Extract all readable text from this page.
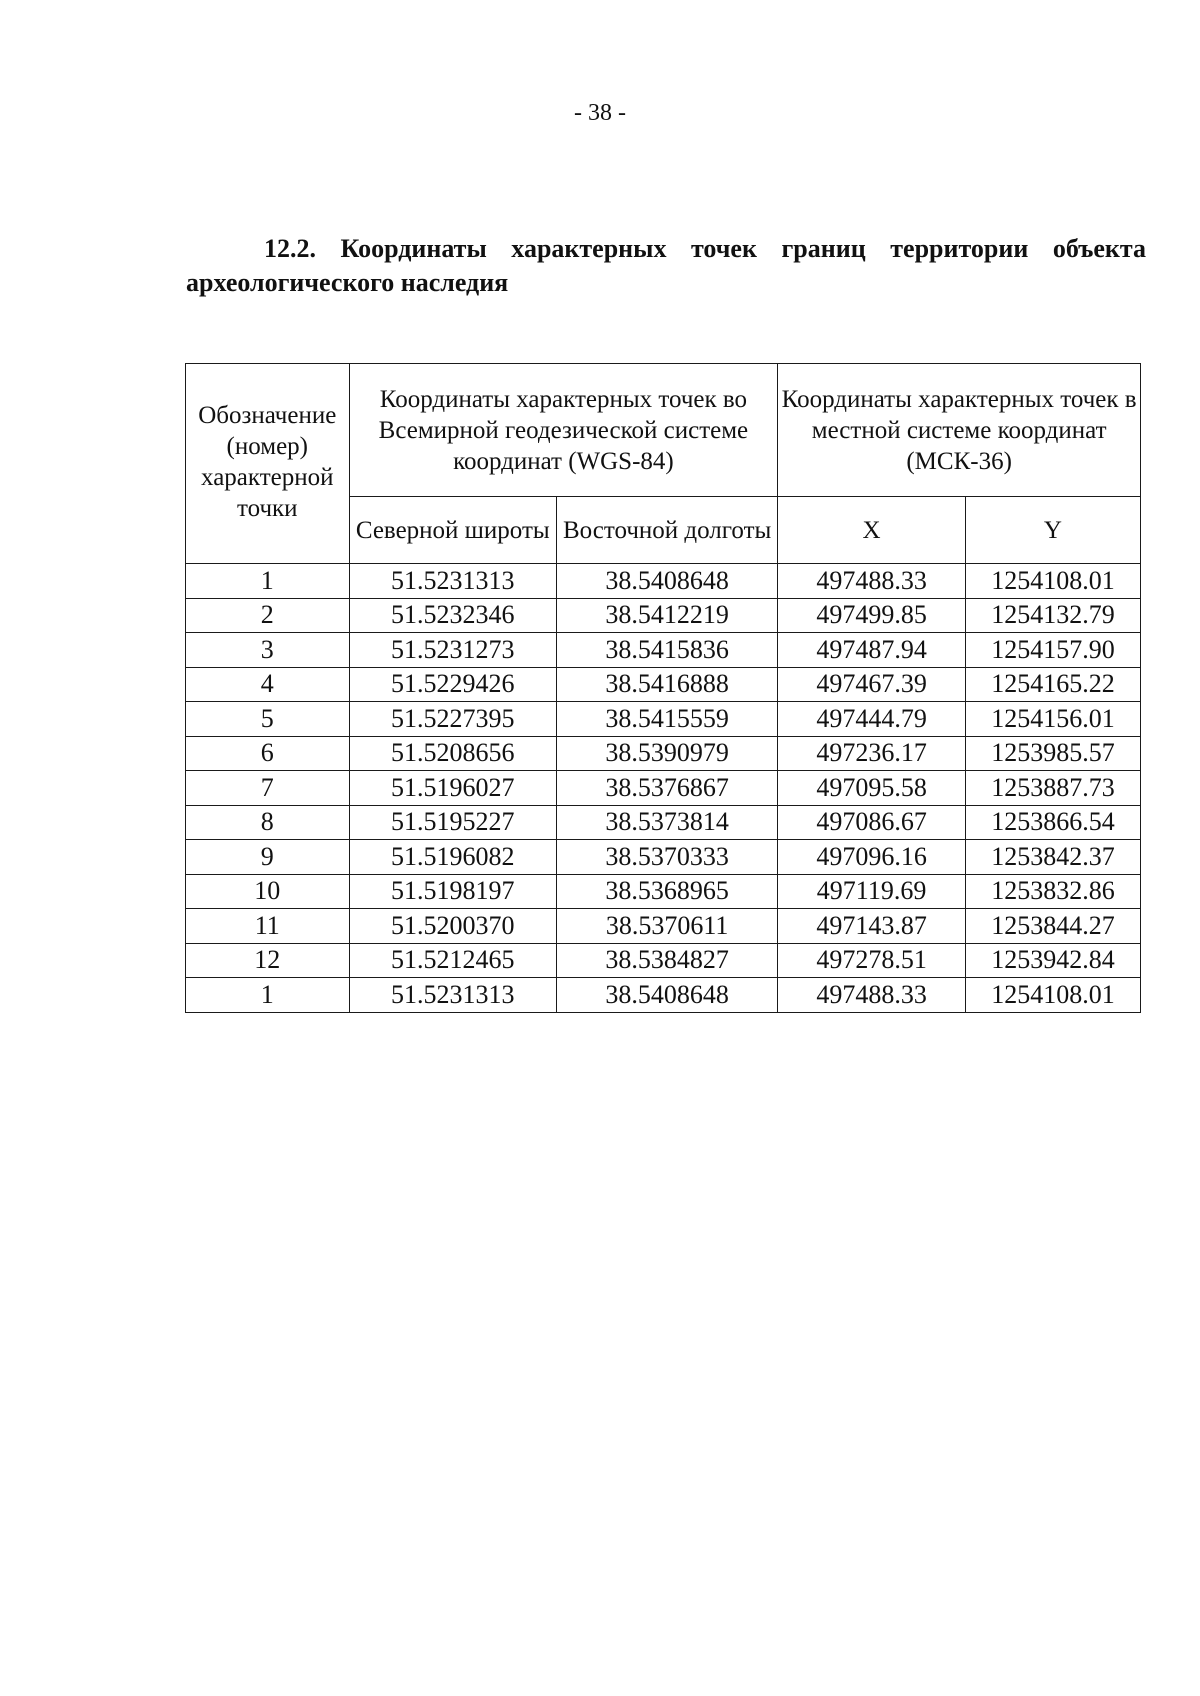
- 38 -
12.2. Координаты характерных точек границ территории объекта археологического наследия
Обозначение (номер) характерной точки	Координаты характерных точек во Всемирной геодезической системе координат (WGS-84)		Координаты характерных точек в местной системе координат (МСК-36)	
	Северной широты	Восточной долготы	X	Y
1	51.5231313	38.5408648	497488.33	1254108.01
2	51.5232346	38.5412219	497499.85	1254132.79
3	51.5231273	38.5415836	497487.94	1254157.90
4	51.5229426	38.5416888	497467.39	1254165.22
5	51.5227395	38.5415559	497444.79	1254156.01
6	51.5208656	38.5390979	497236.17	1253985.57
7	51.5196027	38.5376867	497095.58	1253887.73
8	51.5195227	38.5373814	497086.67	1253866.54
9	51.5196082	38.5370333	497096.16	1253842.37
10	51.5198197	38.5368965	497119.69	1253832.86
11	51.5200370	38.5370611	497143.87	1253844.27
12	51.5212465	38.5384827	497278.51	1253942.84
1	51.5231313	38.5408648	497488.33	1254108.01
